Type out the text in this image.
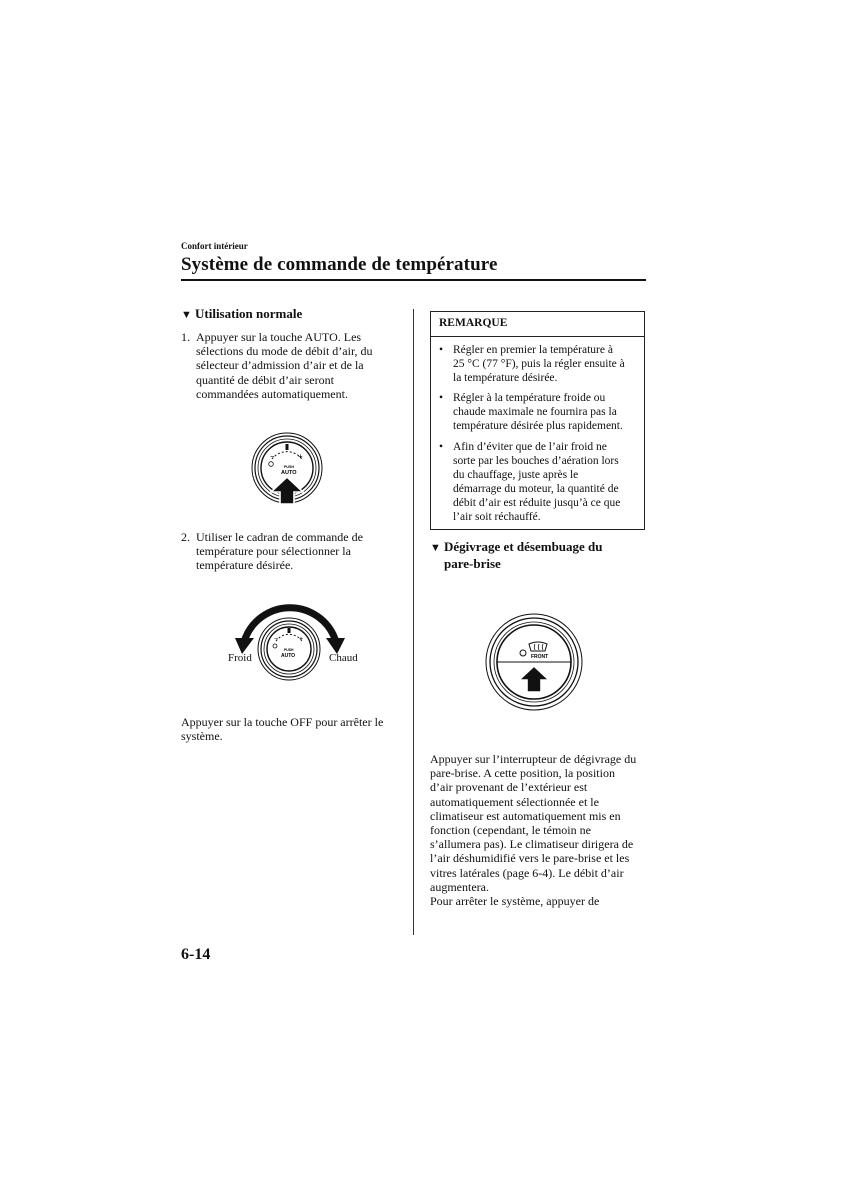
Confort intérieur
Système de commande de température
▼ Utilisation normale
1. Appuyer sur la touche AUTO. Les
sélections du mode de débit d’air, du
sélecteur d’admission d’air et de la
quantité de débit d’air seront
commandées automatiquement.
−	+
PUSH
AUTO
2. Utiliser le cadran de commande de
température pour sélectionner la
température désirée.
−	+
PUSH
AUTO
Froid	Chaud
Appuyer sur la touche OFF pour arrêter le
système.
REMARQUE
• Régler en premier la température à
25 °C (77 °F), puis la régler ensuite à
la température désirée.
• Régler à la température froide ou
chaude maximale ne fournira pas la
température désirée plus rapidement.
• Afin d’éviter que de l’air froid ne
sorte par les bouches d’aération lors
du chauffage, juste après le
démarrage du moteur, la quantité de
débit d’air est réduite jusqu’à ce que
l’air soit réchauffé.
▼ Dégivrage et désembuage du
pare-brise
FRONT
Appuyer sur l’interrupteur de dégivrage du
pare-brise. A cette position, la position
d’air provenant de l’extérieur est
automatiquement sélectionnée et le
climatiseur est automatiquement mis en
fonction (cependant, le témoin ne
s’allumera pas). Le climatiseur dirigera de
l’air déshumidifié vers le pare-brise et les
vitres latérales (page 6-4). Le débit d’air
augmentera.
Pour arrêter le système, appuyer de
6-14
